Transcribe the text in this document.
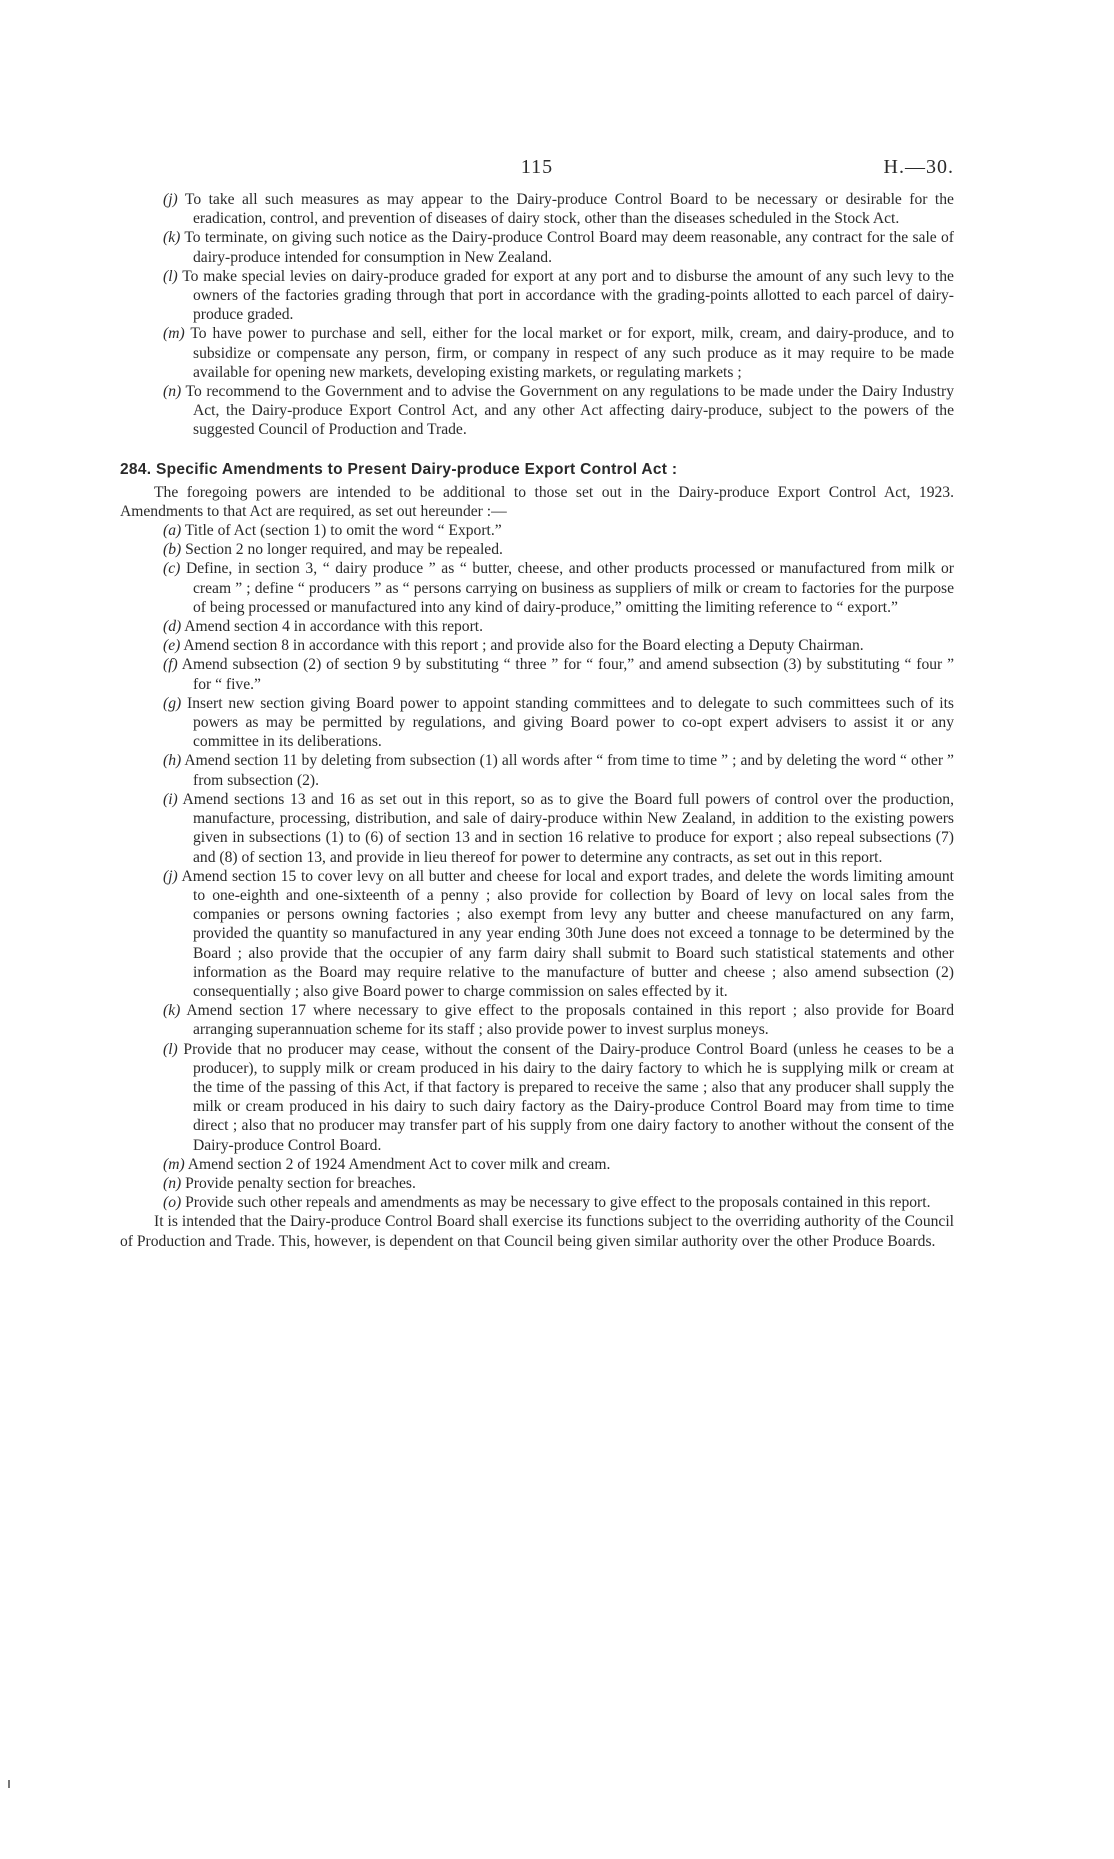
115	H.—30.

(j) To take all such measures as may appear to the Dairy-produce Control Board to be necessary or desirable for the eradication, control, and prevention of diseases of dairy stock, other than the diseases scheduled in the Stock Act.

(k) To terminate, on giving such notice as the Dairy-produce Control Board may deem reasonable, any contract for the sale of dairy-produce intended for consumption in New Zealand.

(l) To make special levies on dairy-produce graded for export at any port and to disburse the amount of any such levy to the owners of the factories grading through that port in accordance with the grading-points allotted to each parcel of dairy-produce graded.

(m) To have power to purchase and sell, either for the local market or for export, milk, cream, and dairy-produce, and to subsidize or compensate any person, firm, or company in respect of any such produce as it may require to be made available for opening new markets, developing existing markets, or regulating markets ;

(n) To recommend to the Government and to advise the Government on any regulations to be made under the Dairy Industry Act, the Dairy-produce Export Control Act, and any other Act affecting dairy-produce, subject to the powers of the suggested Council of Production and Trade.

284. Specific Amendments to Present Dairy-produce Export Control Act :

The foregoing powers are intended to be additional to those set out in the Dairy-produce Export Control Act, 1923. Amendments to that Act are required, as set out hereunder :—

(a) Title of Act (section 1) to omit the word “ Export.”

(b) Section 2 no longer required, and may be repealed.

(c) Define, in section 3, “ dairy produce ” as “ butter, cheese, and other products processed or manufactured from milk or cream ” ; define “ producers ” as “ persons carrying on business as suppliers of milk or cream to factories for the purpose of being processed or manufactured into any kind of dairy-produce,” omitting the limiting reference to “ export.”

(d) Amend section 4 in accordance with this report.

(e) Amend section 8 in accordance with this report ; and provide also for the Board electing a Deputy Chairman.

(f) Amend subsection (2) of section 9 by substituting “ three ” for “ four,” and amend subsection (3) by substituting “ four ” for “ five.”

(g) Insert new section giving Board power to appoint standing committees and to delegate to such committees such of its powers as may be permitted by regulations, and giving Board power to co-opt expert advisers to assist it or any committee in its deliberations.

(h) Amend section 11 by deleting from subsection (1) all words after “ from time to time ” ; and by deleting the word “ other ” from subsection (2).

(i) Amend sections 13 and 16 as set out in this report, so as to give the Board full powers of control over the production, manufacture, processing, distribution, and sale of dairy-produce within New Zealand, in addition to the existing powers given in subsections (1) to (6) of section 13 and in section 16 relative to produce for export ; also repeal subsections (7) and (8) of section 13, and provide in lieu thereof for power to determine any contracts, as set out in this report.

(j) Amend section 15 to cover levy on all butter and cheese for local and export trades, and delete the words limiting amount to one-eighth and one-sixteenth of a penny ; also provide for collection by Board of levy on local sales from the companies or persons owning factories ; also exempt from levy any butter and cheese manufactured on any farm, provided the quantity so manufactured in any year ending 30th June does not exceed a tonnage to be determined by the Board ; also provide that the occupier of any farm dairy shall submit to Board such statistical statements and other information as the Board may require relative to the manufacture of butter and cheese ; also amend subsection (2) consequentially ; also give Board power to charge commission on sales effected by it.

(k) Amend section 17 where necessary to give effect to the proposals contained in this report ; also provide for Board arranging superannuation scheme for its staff ; also provide power to invest surplus moneys.

(l) Provide that no producer may cease, without the consent of the Dairy-produce Control Board (unless he ceases to be a producer), to supply milk or cream produced in his dairy to the dairy factory to which he is supplying milk or cream at the time of the passing of this Act, if that factory is prepared to receive the same ; also that any producer shall supply the milk or cream produced in his dairy to such dairy factory as the Dairy-produce Control Board may from time to time direct ; also that no producer may transfer part of his supply from one dairy factory to another without the consent of the Dairy-produce Control Board.

(m) Amend section 2 of 1924 Amendment Act to cover milk and cream.

(n) Provide penalty section for breaches.

(o) Provide such other repeals and amendments as may be necessary to give effect to the proposals contained in this report.

It is intended that the Dairy-produce Control Board shall exercise its functions subject to the overriding authority of the Council of Production and Trade. This, however, is dependent on that Council being given similar authority over the other Produce Boards.
